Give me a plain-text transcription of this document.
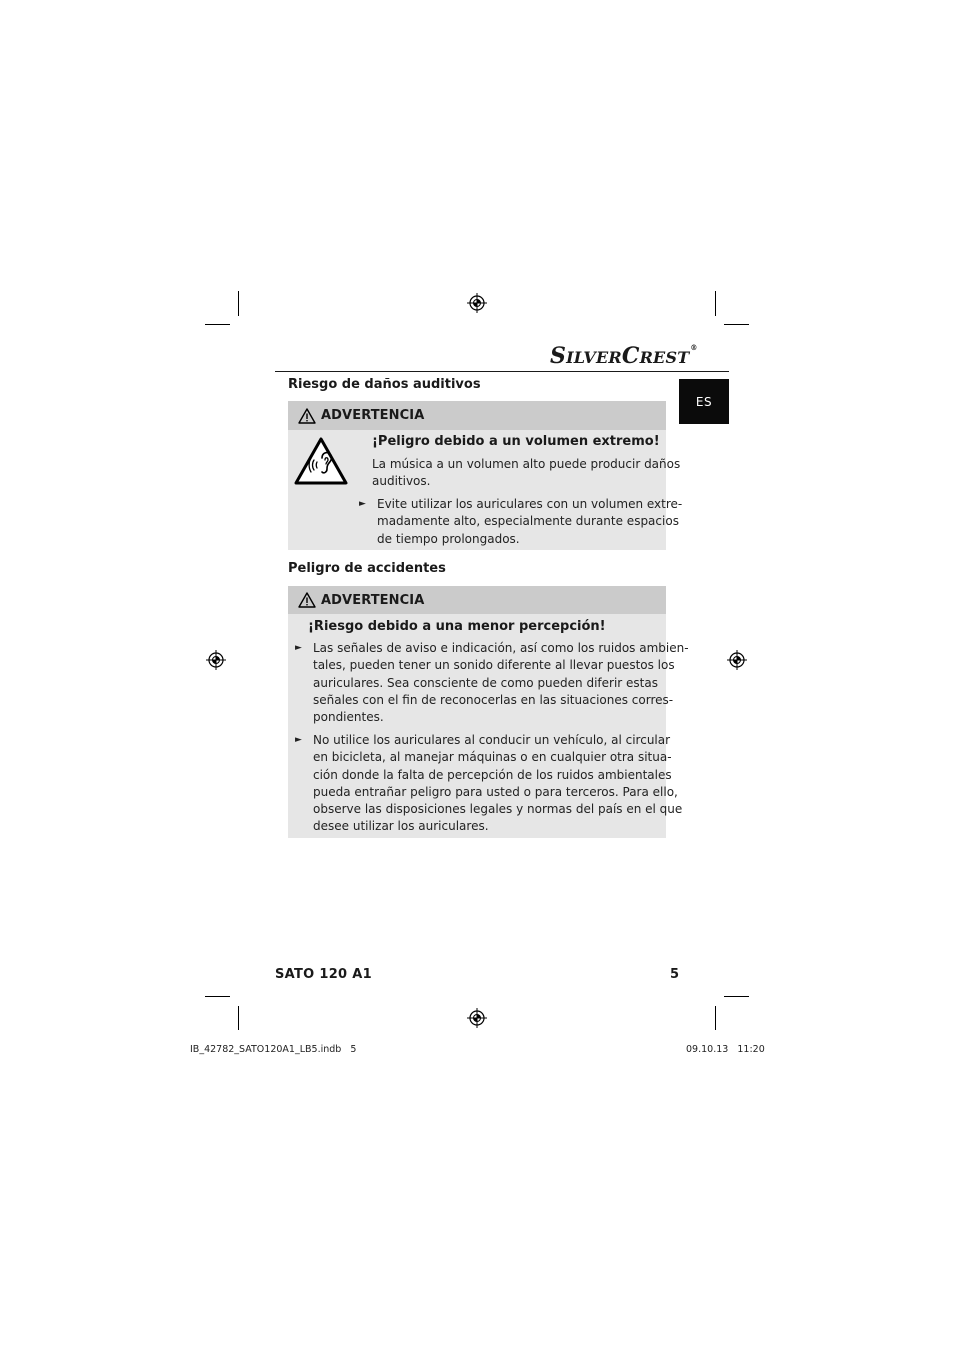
SILVERCREST®
ES
Riesgo de daños auditivos
ADVERTENCIA
¡Peligro debido a un volumen extremo!
La música a un volumen alto puede producir daños
auditivos.
► Evite utilizar los auriculares con un volumen extre-
madamente alto, especialmente durante espacios
de tiempo prolongados.
Peligro de accidentes
ADVERTENCIA
¡Riesgo debido a una menor percepción!
► Las señales de aviso e indicación, así como los ruidos ambien-
tales, pueden tener un sonido diferente al llevar puestos los
auriculares. Sea consciente de como pueden diferir estas
señales con el fin de reconocerlas en las situaciones corres-
pondientes.
► No utilice los auriculares al conducir un vehículo, al circular
en bicicleta, al manejar máquinas o en cualquier otra situa-
ción donde la falta de percepción de los ruidos ambientales
pueda entrañar peligro para usted o para terceros. Para ello,
observe las disposiciones legales y normas del país en el que
desee utilizar los auriculares.
SATO 120 A1	5
IB_42782_SATO120A1_LB5.indb   5	09.10.13   11:20
